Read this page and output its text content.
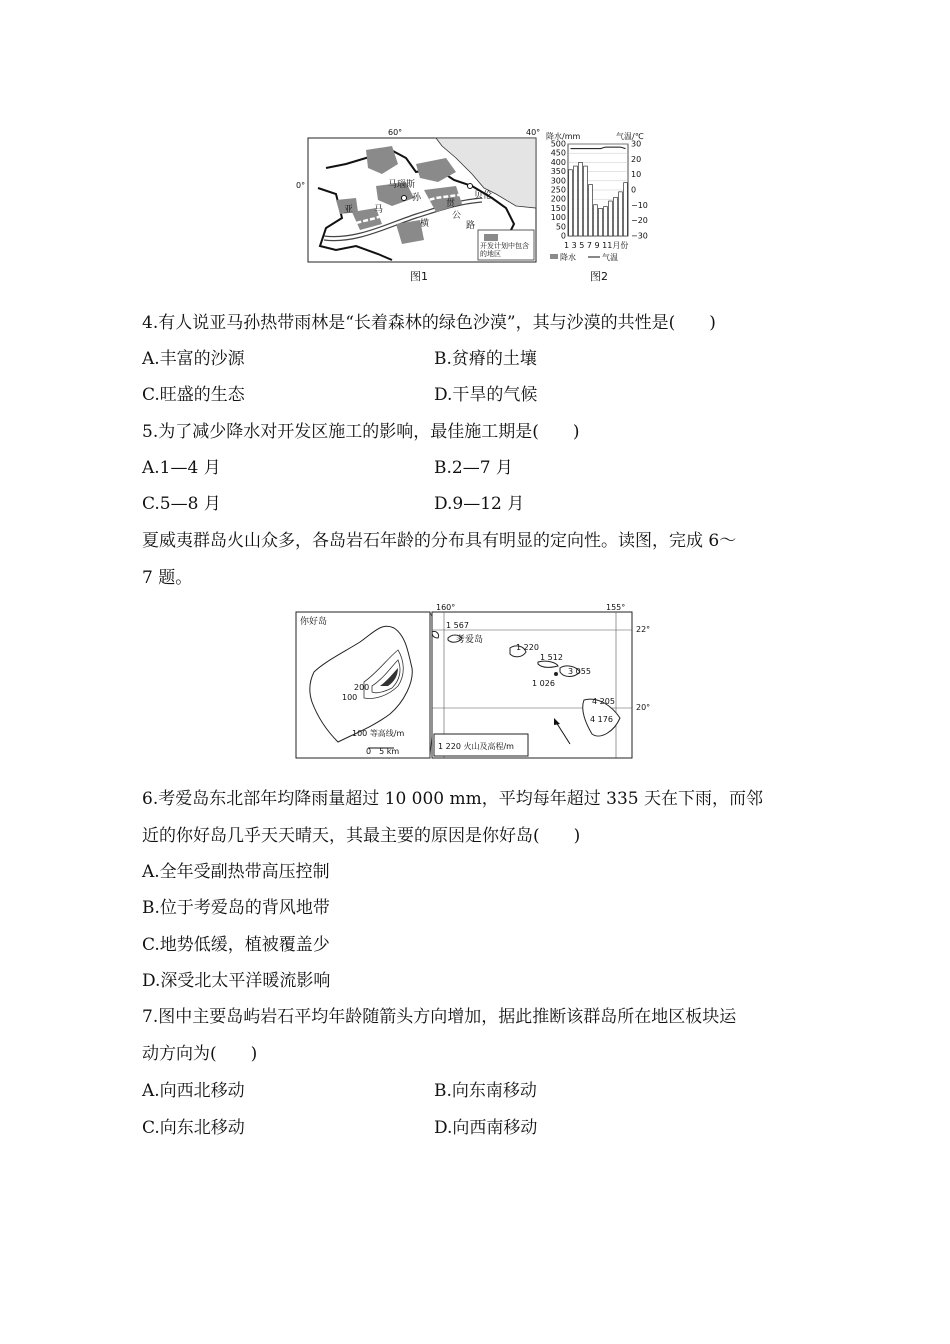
60°	40°
0°	马瑙斯
贝伦
亚 马
孙
横
贯
公
路
开发计划中包含的地区
图1
降水/mm	气温/℃
500
450
400
350
300
250
200
150
100
50
0
30
20
10
0
−10
−20
−30
1 3 5 7 9 11月份
降水	气温
图2
4.有人说亚马孙热带雨林是“长着森林的绿色沙漠”，其与沙漠的共性是(　　)
A.丰富的沙源	B.贫瘠的土壤
C.旺盛的生态	D.干旱的气候
5.为了减少降水对开发区施工的影响，最佳施工期是(　　)
A.1—4 月	B.2—7 月
C.5—8 月	D.9—12 月
夏威夷群岛火山众多，各岛岩石年龄的分布具有明显的定向性。读图，完成 6～
7 题。
你好岛
200
100
100 等高线/m
0　5 km
160°	155°
22°
20°
1 567
考爱岛
1 220
1 512
3 055
1 026
4 205
4 176
1 220 火山及高程/m
6.考爱岛东北部年均降雨量超过 10 000 mm，平均每年超过 335 天在下雨，而邻
近的你好岛几乎天天晴天，其最主要的原因是你好岛(　　)
A.全年受副热带高压控制
B.位于考爱岛的背风地带
C.地势低缓，植被覆盖少
D.深受北太平洋暖流影响
7.图中主要岛屿岩石平均年龄随箭头方向增加，据此推断该群岛所在地区板块运
动方向为(　　)
A.向西北移动	B.向东南移动
C.向东北移动	D.向西南移动
